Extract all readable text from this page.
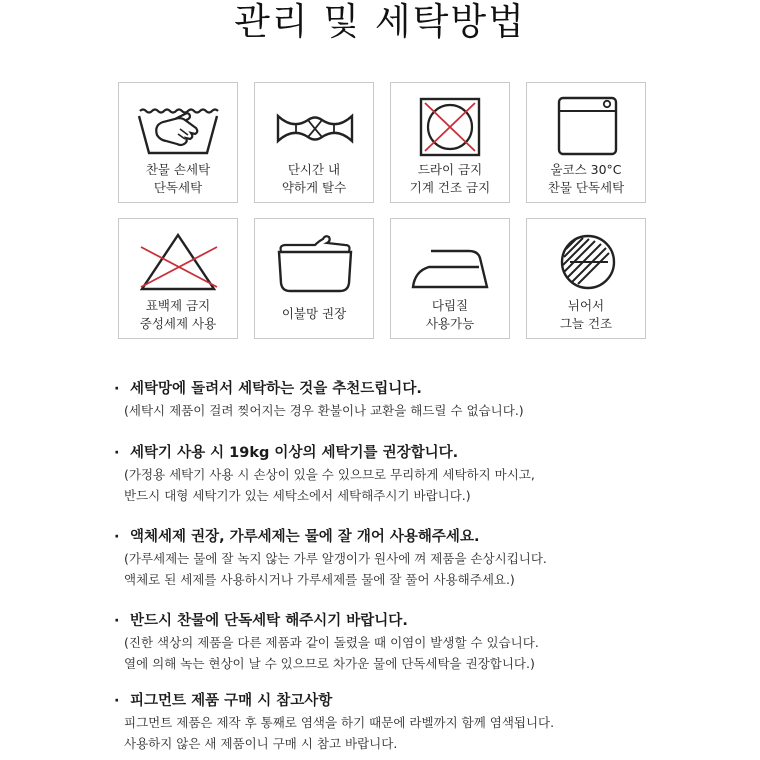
관리 및 세탁방법
찬물 손세탁
단독세탁
단시간 내
약하게 탈수
드라이 금지
기계 건조 금지
울코스 30°C
찬물 단독세탁
표백제 금지
중성세제 사용
이불망 권장
다림질
사용가능
뉘어서
그늘 건조
· 세탁망에 돌려서 세탁하는 것을 추천드립니다.
(세탁시 제품이 걸려 찢어지는 경우 환불이나 교환을 해드릴 수 없습니다.)
· 세탁기 사용 시 19kg 이상의 세탁기를 권장합니다.
(가정용 세탁기 사용 시 손상이 있을 수 있으므로 무리하게 세탁하지 마시고,
반드시 대형 세탁기가 있는 세탁소에서 세탁해주시기 바랍니다.)
· 액체세제 권장, 가루세제는 물에 잘 개어 사용해주세요.
(가루세제는 물에 잘 녹지 않는 가루 알갱이가 원사에 껴 제품을 손상시킵니다.
액체로 된 세제를 사용하시거나 가루세제를 물에 잘 풀어 사용해주세요.)
· 반드시 찬물에 단독세탁 해주시기 바랍니다.
(진한 색상의 제품을 다른 제품과 같이 돌렸을 때 이염이 발생할 수 있습니다.
열에 의해 녹는 현상이 날 수 있으므로 차가운 물에 단독세탁을 권장합니다.)
· 피그먼트 제품 구매 시 참고사항
피그먼트 제품은 제작 후 통째로 염색을 하기 때문에 라벨까지 함께 염색됩니다.
사용하지 않은 새 제품이니 구매 시 참고 바랍니다.
